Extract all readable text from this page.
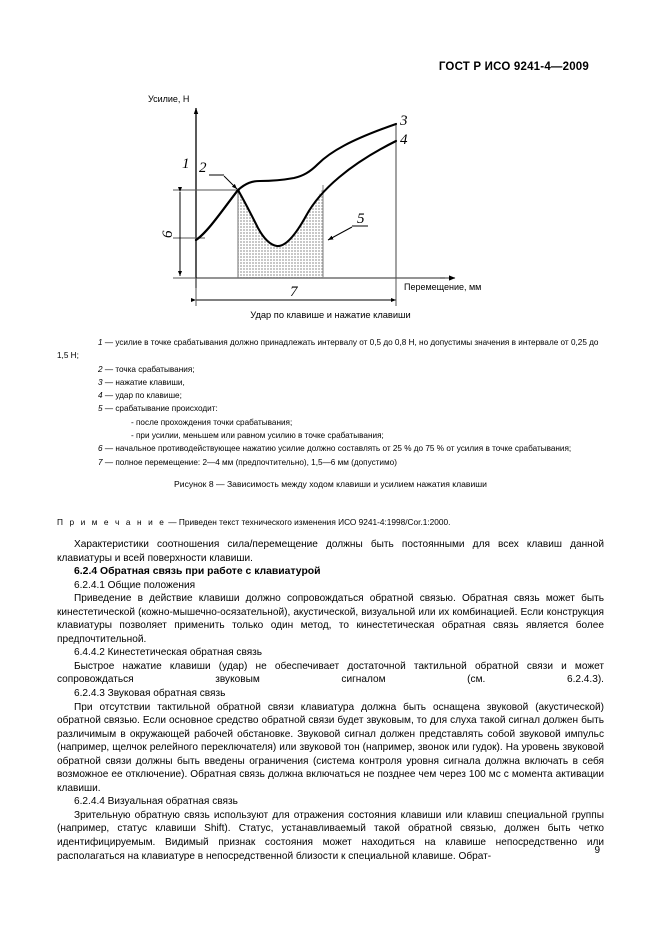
ГОСТ Р ИСО 9241-4—2009
Усилие, Н
Перемещение, мм
1 2
3
4
5
6
7
Удар по клавише и нажатие клавиши
1 — усилие в точке срабатывания должно принадлежать интервалу от 0,5 до 0,8 Н, но допустимы значения в интервале от 0,25 до 1,5 Н;
2 — точка срабатывания;
3 — нажатие клавиши,
4 — удар по клавише;
5 — срабатывание происходит:
- после прохождения точки срабатывания;
- при усилии, меньшем или равном усилию в точке срабатывания;
6 — начальное противодействующее нажатию усилие должно составлять от 25 % до 75 % от усилия в точке срабатывания;
7 — полное перемещение: 2—4 мм (предпочтительно), 1,5—6 мм (допустимо)
Рисунок 8 — Зависимость между ходом клавиши и усилием нажатия клавиши
П р и м е ч а н и е — Приведен текст технического изменения ИСО 9241-4:1998/Cor.1:2000.

Характеристики соотношения сила/перемещение должны быть постоянными для всех клавиш данной клавиатуры и всей поверхности клавиши.

6.2.4 Обратная связь при работе с клавиатурой

6.2.4.1 Общие положения

Приведение в действие клавиши должно сопровождаться обратной связью. Обратная связь может быть кинестетической (кожно-мышечно-осязательной), акустической, визуальной или их комбинацией. Если конструкция клавиатуры позволяет применить только один метод, то кинестетическая обратная связь является более предпочтительной.

6.4.4.2 Кинестетическая обратная связь

Быстрое нажатие клавиши (удар) не обеспечивает достаточной тактильной обратной связи и может сопровождаться звуковым сигналом (см. 6.2.4.3).

6.2.4.3 Звуковая обратная связь

При отсутствии тактильной обратной связи клавиатура должна быть оснащена звуковой (акустической) обратной связью. Если основное средство обратной связи будет звуковым, то для слуха такой сигнал должен быть различимым в окружающей рабочей обстановке. Звуковой сигнал должен представлять собой звуковой импульс (например, щелчок релейного переключателя) или звуковой тон (например, звонок или гудок). На уровень звуковой обратной связи должны быть введены ограничения (система контроля уровня сигнала должна включать в себя возможное ее отключение). Обратная связь должна включаться не позднее чем через 100 мс с момента активации клавиши.

6.2.4.4 Визуальная обратная связь

Зрительную обратную связь используют для отражения состояния клавиши или клавиш специальной группы (например, статус клавиши Shift). Статус, устанавливаемый такой обратной связью, должен быть четко идентифицируемым. Видимый признак состояния может находиться на клавише непосредственно или располагаться на клавиатуре в непосредственной близости к специальной клавише. Обрат-

9
